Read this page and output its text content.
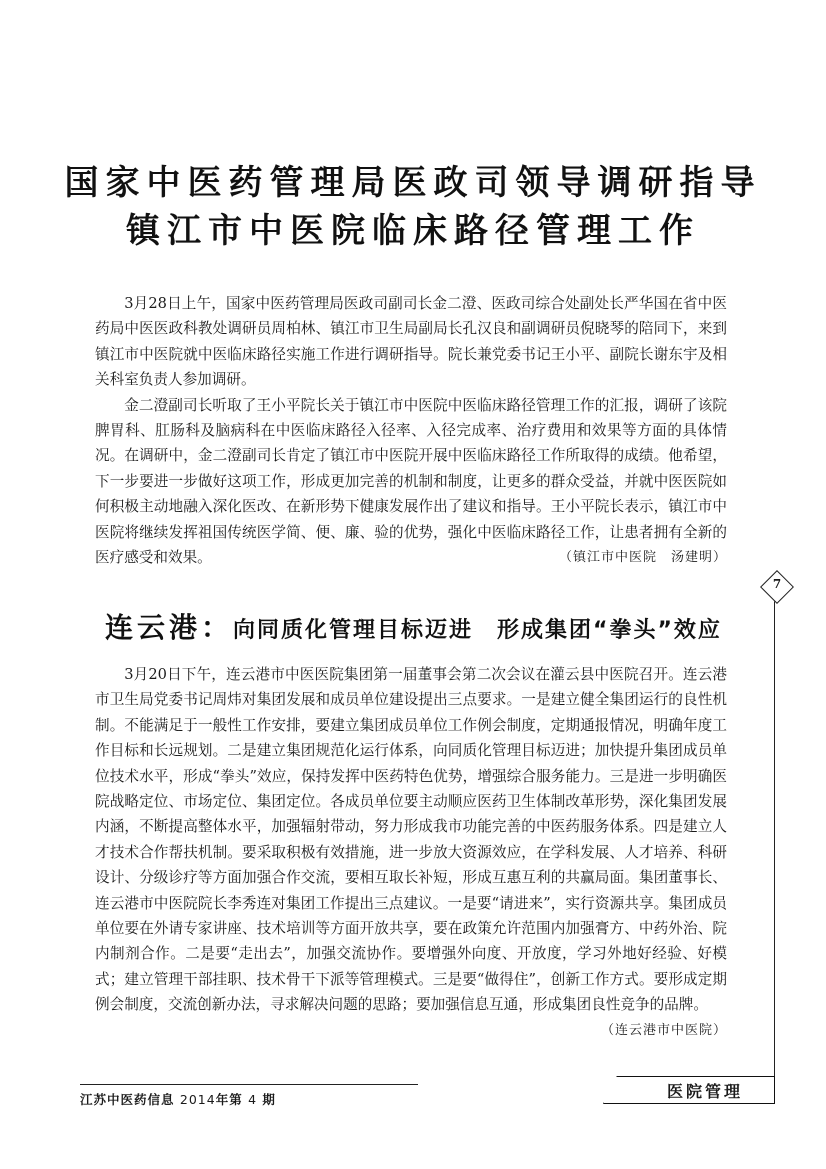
国家中医药管理局医政司领导调研指导
镇江市中医院临床路径管理工作

3月28日上午，国家中医药管理局医政司副司长金二澄、医政司综合处副处长严华国在省中医药局中医医政科教处调研员周柏林、镇江市卫生局副局长孔汉良和副调研员倪晓琴的陪同下，来到镇江市中医院就中医临床路径实施工作进行调研指导。院长兼党委书记王小平、副院长谢东宇及相关科室负责人参加调研。

金二澄副司长听取了王小平院长关于镇江市中医院中医临床路径管理工作的汇报，调研了该院脾胃科、肛肠科及脑病科在中医临床路径入径率、入径完成率、治疗费用和效果等方面的具体情况。在调研中，金二澄副司长肯定了镇江市中医院开展中医临床路径工作所取得的成绩。他希望，下一步要进一步做好这项工作，形成更加完善的机制和制度，让更多的群众受益，并就中医医院如何积极主动地融入深化医改、在新形势下健康发展作出了建议和指导。王小平院长表示，镇江市中医院将继续发挥祖国传统医学简、便、廉、验的优势，强化中医临床路径工作，让患者拥有全新的医疗感受和效果。	（镇江市中医院　汤建明）

连云港：向同质化管理目标迈进　形成集团“拳头”效应

3月20日下午，连云港市中医医院集团第一届董事会第二次会议在灌云县中医院召开。连云港市卫生局党委书记周炜对集团发展和成员单位建设提出三点要求。一是建立健全集团运行的良性机制。不能满足于一般性工作安排，要建立集团成员单位工作例会制度，定期通报情况，明确年度工作目标和长远规划。二是建立集团规范化运行体系，向同质化管理目标迈进；加快提升集团成员单位技术水平，形成“拳头”效应，保持发挥中医药特色优势，增强综合服务能力。三是进一步明确医院战略定位、市场定位、集团定位。各成员单位要主动顺应医药卫生体制改革形势，深化集团发展内涵，不断提高整体水平，加强辐射带动，努力形成我市功能完善的中医药服务体系。四是建立人才技术合作帮扶机制。要采取积极有效措施，进一步放大资源效应，在学科发展、人才培养、科研设计、分级诊疗等方面加强合作交流，要相互取长补短，形成互惠互利的共赢局面。集团董事长、连云港市中医院院长李秀连对集团工作提出三点建议。一是要“请进来”，实行资源共享。集团成员单位要在外请专家讲座、技术培训等方面开放共享，要在政策允许范围内加强膏方、中药外治、院内制剂合作。二是要“走出去”，加强交流协作。要增强外向度、开放度，学习外地好经验、好模式；建立管理干部挂职、技术骨干下派等管理模式。三是要“做得住”，创新工作方式。要形成定期例会制度，交流创新办法，寻求解决问题的思路；要加强信息互通，形成集团良性竞争的品牌。
（连云港市中医院）

7
江苏中医药信息 2014年第 4 期	医院管理
